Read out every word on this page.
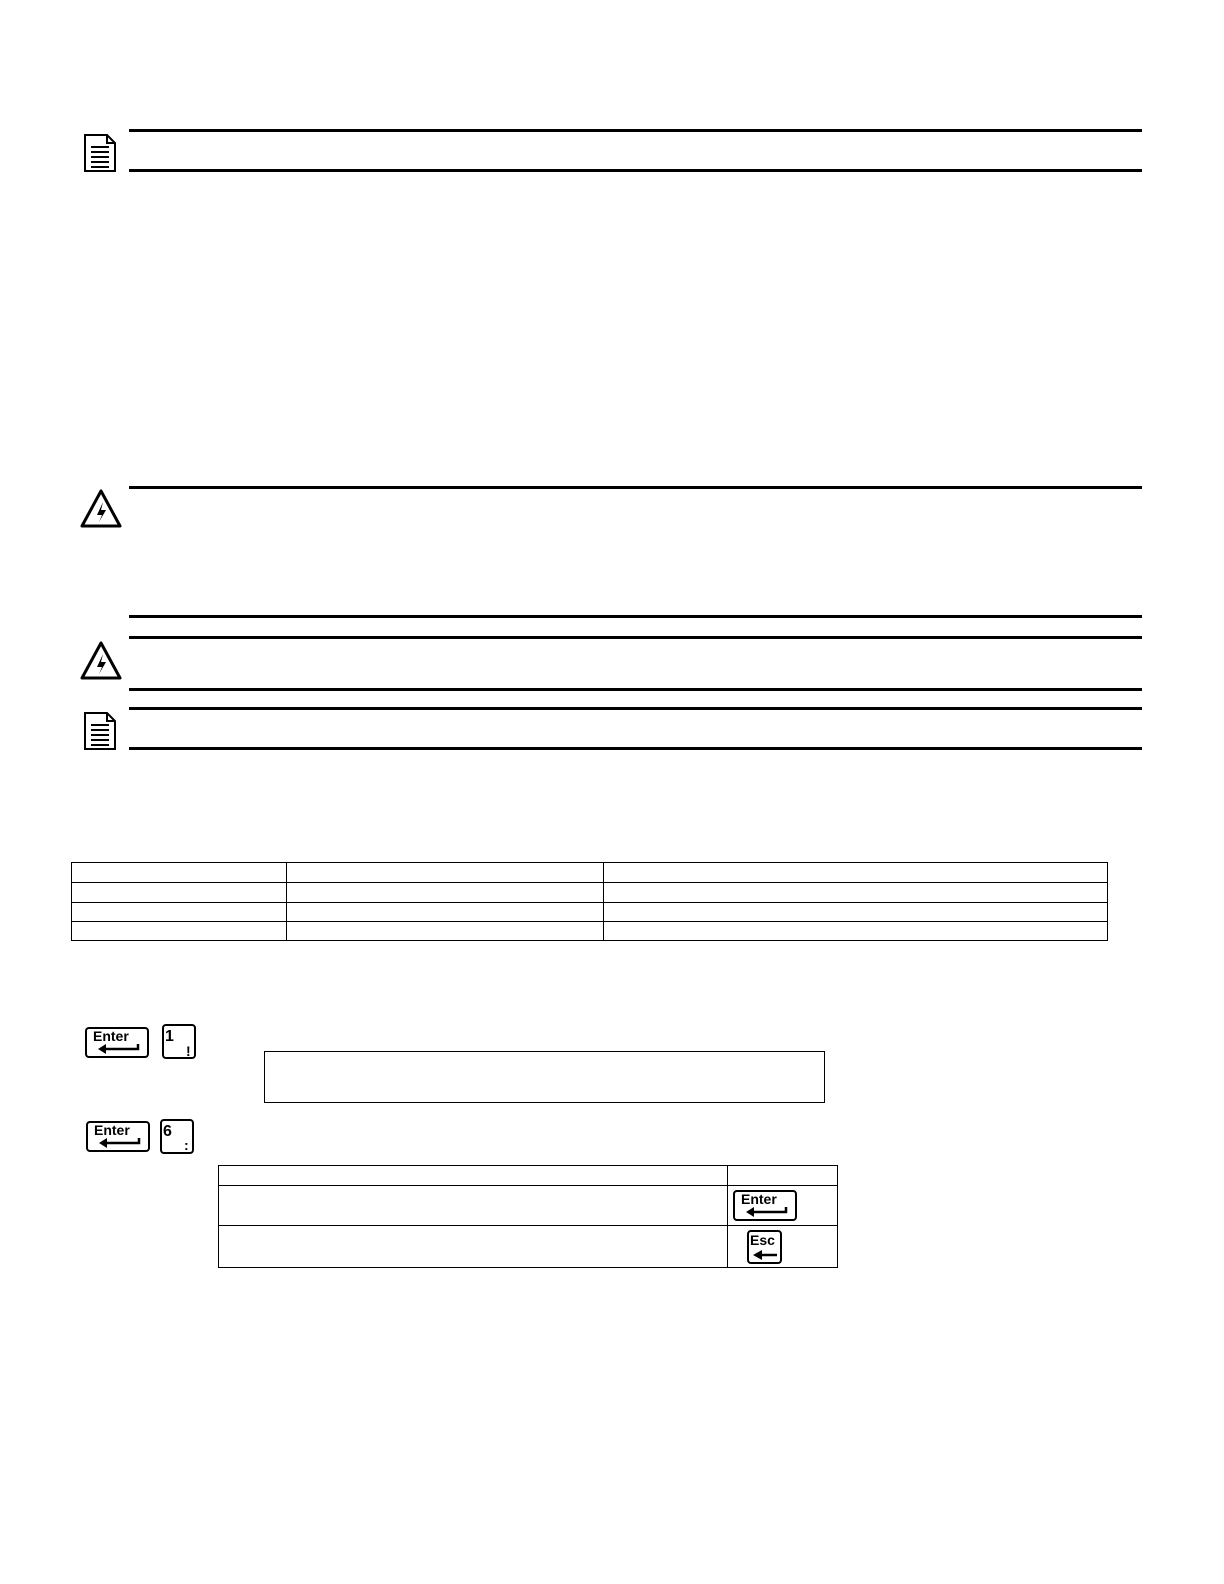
Enter 1
!
Enter 6
:

Enter

Esc
